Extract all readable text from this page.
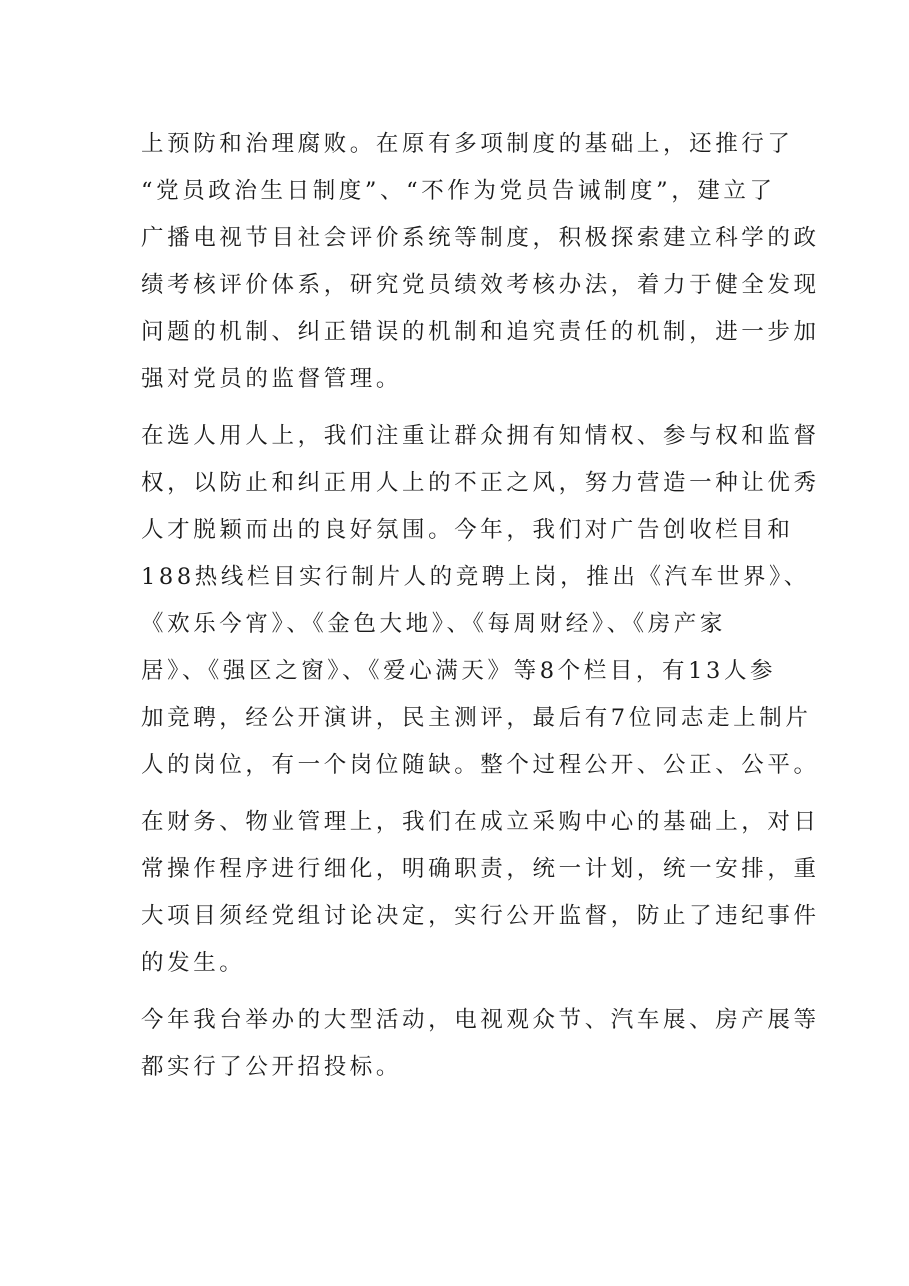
上预防和治理腐败。在原有多项制度的基础上，还推行了
“党员政治生日制度”、“不作为党员告诫制度”，建立了
广播电视节目社会评价系统等制度，积极探索建立科学的政
绩考核评价体系，研究党员绩效考核办法，着力于健全发现
问题的机制、纠正错误的机制和追究责任的机制，进一步加
强对党员的监督管理。
在选人用人上，我们注重让群众拥有知情权、参与权和监督
权，以防止和纠正用人上的不正之风，努力营造一种让优秀
人才脱颖而出的良好氛围。今年，我们对广告创收栏目和
188热线栏目实行制片人的竞聘上岗，推出《汽车世界》、
《欢乐今宵》、《金色大地》、《每周财经》、《房产家
居》、《强区之窗》、《爱心满天》等8个栏目，有13人参
加竞聘，经公开演讲，民主测评，最后有7位同志走上制片
人的岗位，有一个岗位随缺。整个过程公开、公正、公平。
在财务、物业管理上，我们在成立采购中心的基础上，对日
常操作程序进行细化，明确职责，统一计划，统一安排，重
大项目须经党组讨论决定，实行公开监督，防止了违纪事件
的发生。
今年我台举办的大型活动，电视观众节、汽车展、房产展等
都实行了公开招投标。
